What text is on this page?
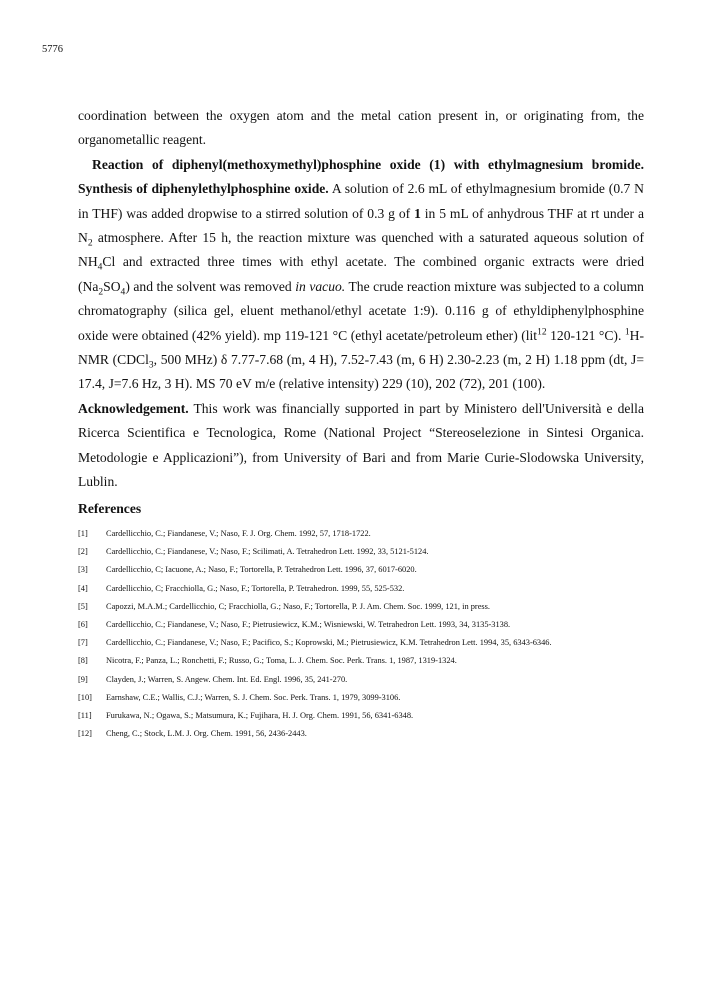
5776

coordination between the oxygen atom and the metal cation present in, or originating from, the organometallic reagent.

Reaction of diphenyl(methoxymethyl)phosphine oxide (1) with ethylmagnesium bromide. Synthesis of diphenylethylphosphine oxide. A solution of 2.6 mL of ethylmagnesium bromide (0.7 N in THF) was added dropwise to a stirred solution of 0.3 g of 1 in 5 mL of anhydrous THF at rt under a $N_2$ atmosphere. After 15 h, the reaction mixture was quenched with a saturated aqueous solution of $NH_4Cl$ and extracted three times with ethyl acetate. The combined organic extracts were dried $(Na_2SO_4)$ and the solvent was removed in vacuo. The crude reaction mixture was subjected to a column chromatography (silica gel, eluent methanol/ethyl acetate 1:9). 0.116 g of ethyldiphenylphosphine oxide were obtained (42% yield). mp 119-121 °C (ethyl acetate/petroleum ether) (lit$^{12}$ 120-121 °C). $^1$H-NMR (CDCl$_3$, 500 MHz) δ 7.77-7.68 (m, 4 H), 7.52-7.43 (m, 6 H) 2.30-2.23 (m, 2 H) 1.18 ppm (dt, J= 17.4, J=7.6 Hz, 3 H). MS 70 eV m/e (relative intensity) 229 (10), 202 (72), 201 (100).

Acknowledgement. This work was financially supported in part by Ministero dell'Università e della Ricerca Scientifica e Tecnologica, Rome (National Project “Stereoselezione in Sintesi Organica. Metodologie e Applicazioni”), from University of Bari and from Marie Curie-Slodowska University, Lublin.

References
[1]	Cardellicchio, C.; Fiandanese, V.; Naso, F. J. Org. Chem. 1992, 57, 1718-1722.
[2]	Cardellicchio, C.; Fiandanese, V.; Naso, F.; Scilimati, A. Tetrahedron Lett. 1992, 33, 5121-5124.
[3]	Cardellicchio, C; Iacuone, A.; Naso, F.; Tortorella, P. Tetrahedron Lett. 1996, 37, 6017-6020.
[4]	Cardellicchio, C; Fracchiolla, G.; Naso, F.; Tortorella, P. Tetrahedron. 1999, 55, 525-532.
[5]	Capozzi, M.A.M.; Cardellicchio, C; Fracchiolla, G.; Naso, F.; Tortorella, P. J. Am. Chem. Soc. 1999, 121, in press.
[6]	Cardellicchio, C.; Fiandanese, V.; Naso, F.; Pietrusiewicz, K.M.; Wisniewski, W. Tetrahedron Lett. 1993, 34, 3135-3138.
[7]	Cardellicchio, C.; Fiandanese, V.; Naso, F.; Pacifico, S.; Koprowski, M.; Pietrusiewicz, K.M. Tetrahedron Lett. 1994, 35, 6343-6346.
[8]	Nicotra, F.; Panza, L.; Ronchetti, F.; Russo, G.; Toma, L. J. Chem. Soc. Perk. Trans. 1, 1987, 1319-1324.
[9]	Clayden, J.; Warren, S. Angew. Chem. Int. Ed. Engl. 1996, 35, 241-270.
[10]	Earnshaw, C.E.; Wallis, C.J.; Warren, S. J. Chem. Soc. Perk. Trans. 1, 1979, 3099-3106.
[11]	Furukawa, N.; Ogawa, S.; Matsumura, K.; Fujihara, H. J. Org. Chem. 1991, 56, 6341-6348.
[12]	Cheng, C.; Stock, L.M. J. Org. Chem. 1991, 56, 2436-2443.
